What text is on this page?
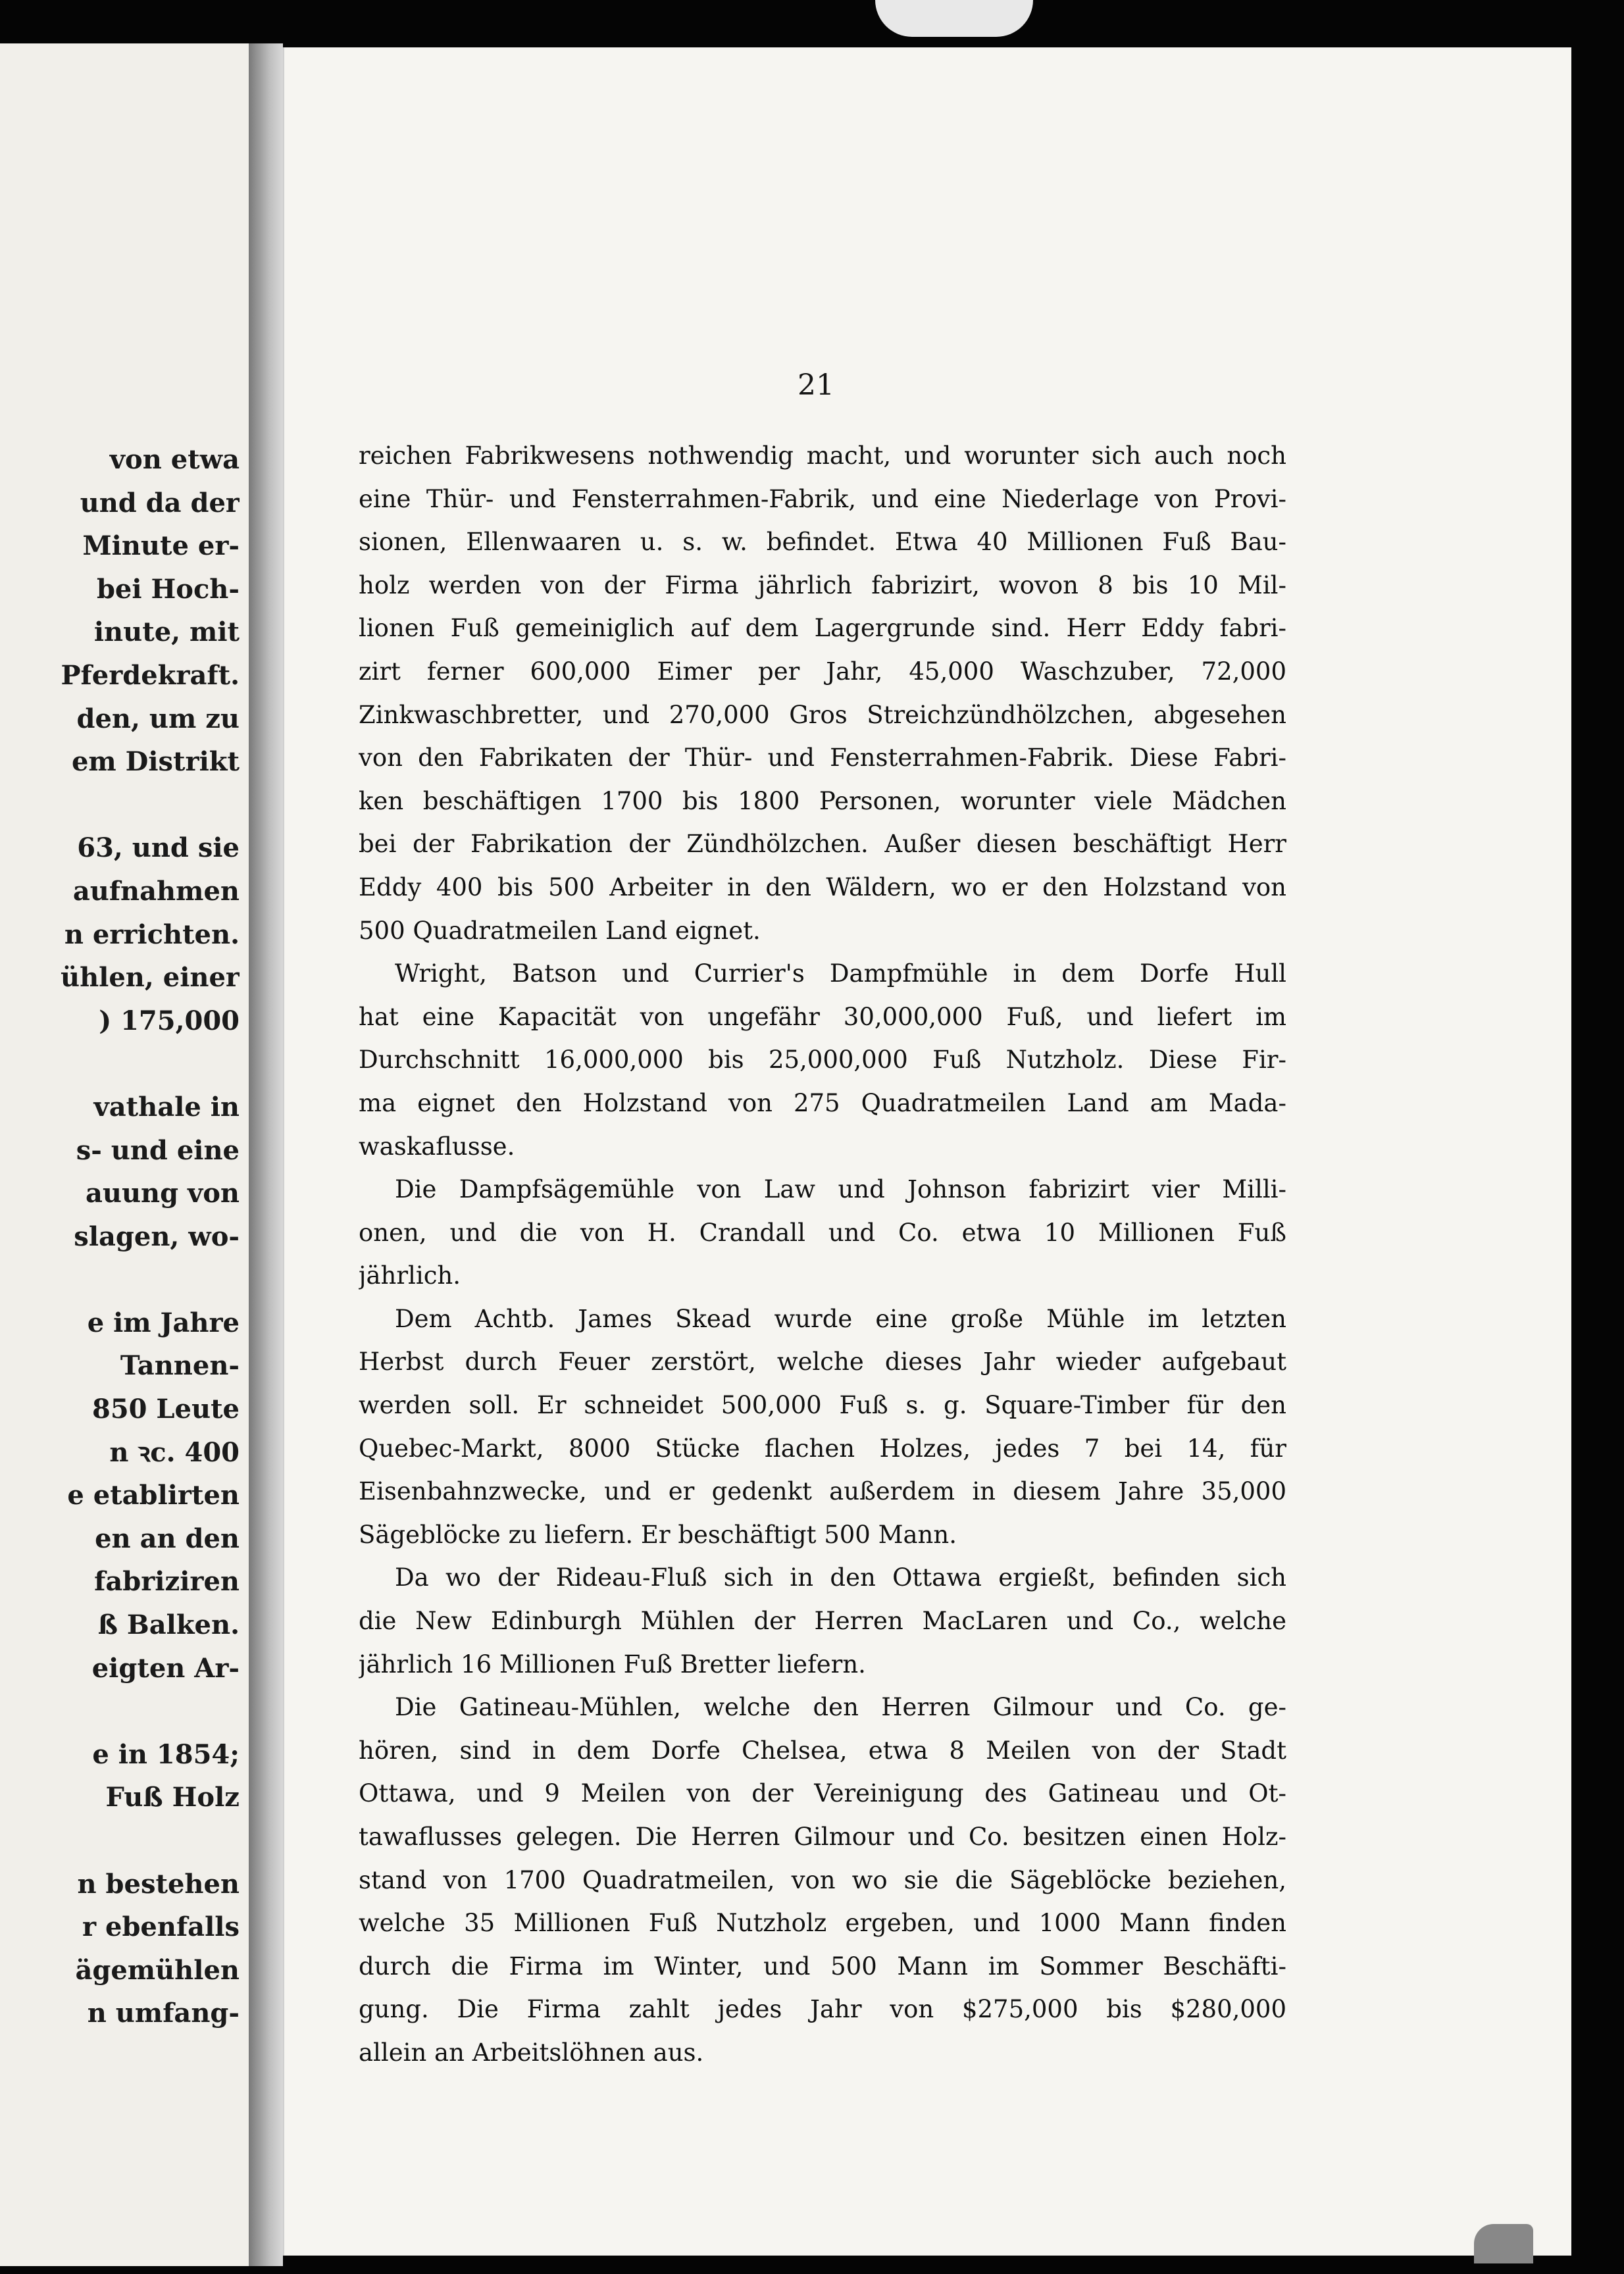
von etwa
und da der
Minute er-
bei Hoch-
inute, mit
Pferdekraft.
den, um zu
em Distrikt
63, und sie
aufnahmen
n errichten.
ühlen, einer
) 175,000
vathale in
s- und eine
auung von
slagen, wo-
e im Jahre
Tannen-
850 Leute
n ꝛc. 400
e etablirten
en an den
fabriziren
ß Balken.
eigten Ar-
e in 1854;
Fuß Holz
n bestehen
r ebenfalls
ägemühlen
n umfang-
21
reichen Fabrikwesens nothwendig macht, und worunter sich auch noch
eine Thür- und Fensterrahmen-Fabrik, und eine Niederlage von Provi-
sionen, Ellenwaaren u. s. w. befindet. Etwa 40 Millionen Fuß Bau-
holz werden von der Firma jährlich fabrizirt, wovon 8 bis 10 Mil-
lionen Fuß gemeiniglich auf dem Lagergrunde sind. Herr Eddy fabri-
zirt ferner 600,000 Eimer per Jahr, 45,000 Waschzuber, 72,000
Zinkwaschbretter, und 270,000 Gros Streichzündhölzchen, abgesehen
von den Fabrikaten der Thür- und Fensterrahmen-Fabrik. Diese Fabri-
ken beschäftigen 1700 bis 1800 Personen, worunter viele Mädchen
bei der Fabrikation der Zündhölzchen. Außer diesen beschäftigt Herr
Eddy 400 bis 500 Arbeiter in den Wäldern, wo er den Holzstand von
500 Quadratmeilen Land eignet.
Wright, Batson und Currier's Dampfmühle in dem Dorfe Hull
hat eine Kapacität von ungefähr 30,000,000 Fuß, und liefert im
Durchschnitt 16,000,000 bis 25,000,000 Fuß Nutzholz. Diese Fir-
ma eignet den Holzstand von 275 Quadratmeilen Land am Mada-
waskaflusse.
Die Dampfsägemühle von Law und Johnson fabrizirt vier Milli-
onen, und die von H. Crandall und Co. etwa 10 Millionen Fuß
jährlich.
Dem Achtb. James Skead wurde eine große Mühle im letzten
Herbst durch Feuer zerstört, welche dieses Jahr wieder aufgebaut
werden soll. Er schneidet 500,000 Fuß s. g. Square-Timber für den
Quebec-Markt, 8000 Stücke flachen Holzes, jedes 7 bei 14, für
Eisenbahnzwecke, und er gedenkt außerdem in diesem Jahre 35,000
Sägeblöcke zu liefern. Er beschäftigt 500 Mann.
Da wo der Rideau-Fluß sich in den Ottawa ergießt, befinden sich
die New Edinburgh Mühlen der Herren MacLaren und Co., welche
jährlich 16 Millionen Fuß Bretter liefern.
Die Gatineau-Mühlen, welche den Herren Gilmour und Co. ge-
hören, sind in dem Dorfe Chelsea, etwa 8 Meilen von der Stadt
Ottawa, und 9 Meilen von der Vereinigung des Gatineau und Ot-
tawaflusses gelegen. Die Herren Gilmour und Co. besitzen einen Holz-
stand von 1700 Quadratmeilen, von wo sie die Sägeblöcke beziehen,
welche 35 Millionen Fuß Nutzholz ergeben, und 1000 Mann finden
durch die Firma im Winter, und 500 Mann im Sommer Beschäfti-
gung. Die Firma zahlt jedes Jahr von $275,000 bis $280,000
allein an Arbeitslöhnen aus.
